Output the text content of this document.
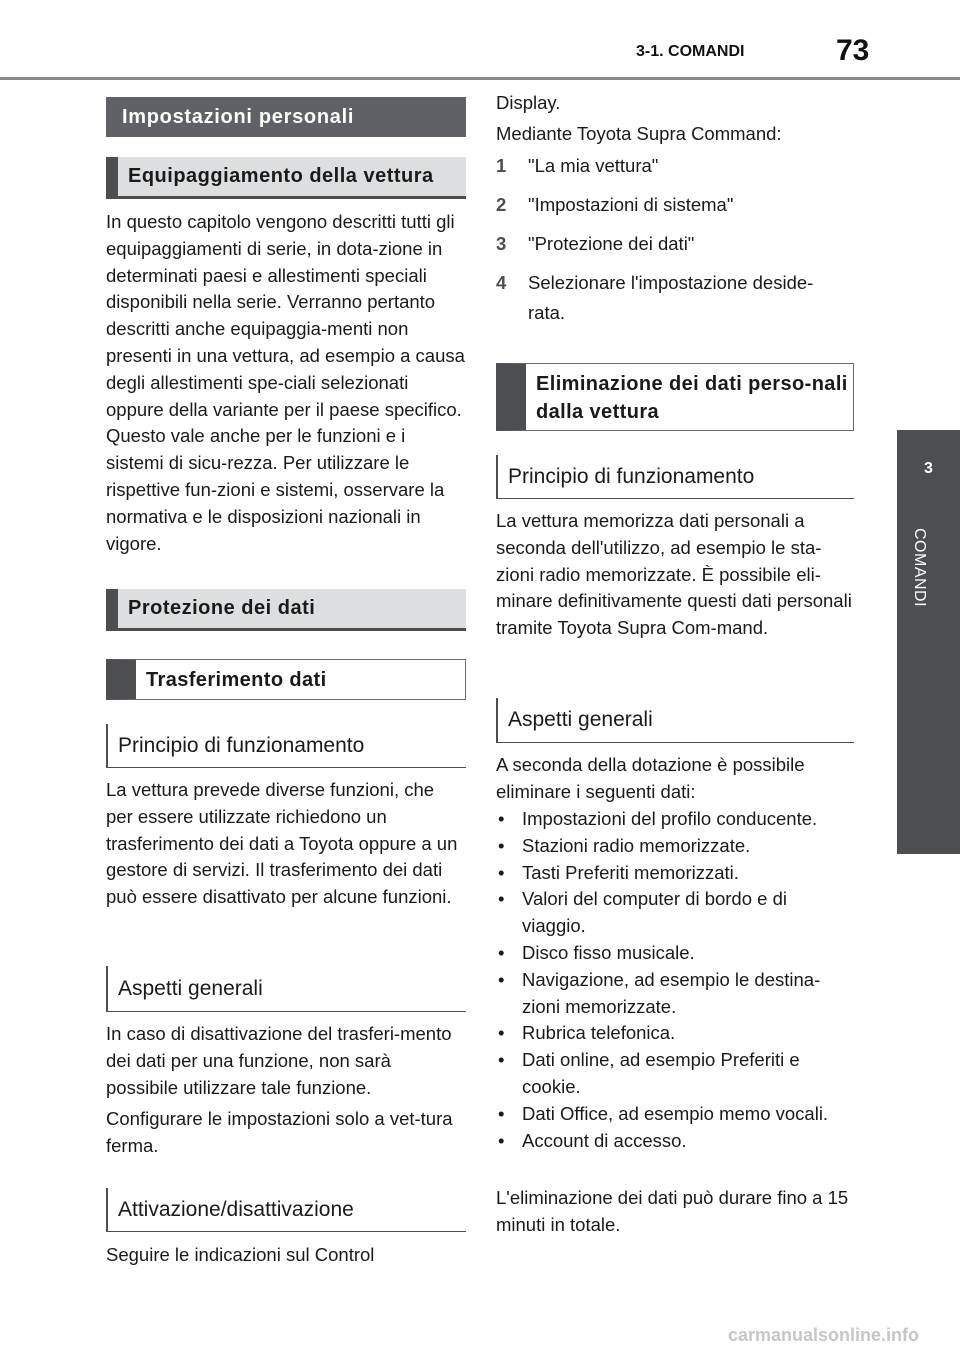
3-1. COMANDI	73
3
COMANDI
Impostazioni personali
Equipaggiamento della vettura

In questo capitolo vengono descritti tutti gli equipaggiamenti di serie, in dota-zione in determinati paesi e allestimenti speciali disponibili nella serie. Verranno pertanto descritti anche equipaggia-menti non presenti in una vettura, ad esempio a causa degli allestimenti spe-ciali selezionati oppure della variante per il paese specifico. Questo vale anche per le funzioni e i sistemi di sicu-rezza. Per utilizzare le rispettive fun-zioni e sistemi, osservare la normativa e le disposizioni nazionali in vigore.

Protezione dei dati
Trasferimento dati
Principio di funzionamento

La vettura prevede diverse funzioni, che per essere utilizzate richiedono un trasferimento dei dati a Toyota oppure a un gestore di servizi. Il trasferimento dei dati può essere disattivato per alcune funzioni.

Aspetti generali

In caso di disattivazione del trasferi-mento dei dati per una funzione, non sarà possibile utilizzare tale funzione.

Configurare le impostazioni solo a vet-tura ferma.

Attivazione/disattivazione

Seguire le indicazioni sul Control

Display.

Mediante Toyota Supra Command:

1 "La mia vettura"
2 "Impostazioni di sistema"
3 "Protezione dei dati"
4 Selezionare l'impostazione deside-rata.
Eliminazione dei dati perso-nali dalla vettura
Principio di funzionamento

La vettura memorizza dati personali a seconda dell'utilizzo, ad esempio le sta-zioni radio memorizzate. È possibile eli-minare definitivamente questi dati personali tramite Toyota Supra Com-mand.

Aspetti generali

A seconda della dotazione è possibile eliminare i seguenti dati:

• Impostazioni del profilo conducente.
• Stazioni radio memorizzate.
• Tasti Preferiti memorizzati.
• Valori del computer di bordo e di viaggio.
• Disco fisso musicale.
• Navigazione, ad esempio le destina-zioni memorizzate.
• Rubrica telefonica.
• Dati online, ad esempio Preferiti e cookie.
• Dati Office, ad esempio memo vocali.
• Account di accesso.

L'eliminazione dei dati può durare fino a 15 minuti in totale.

carmanualsonline.info
